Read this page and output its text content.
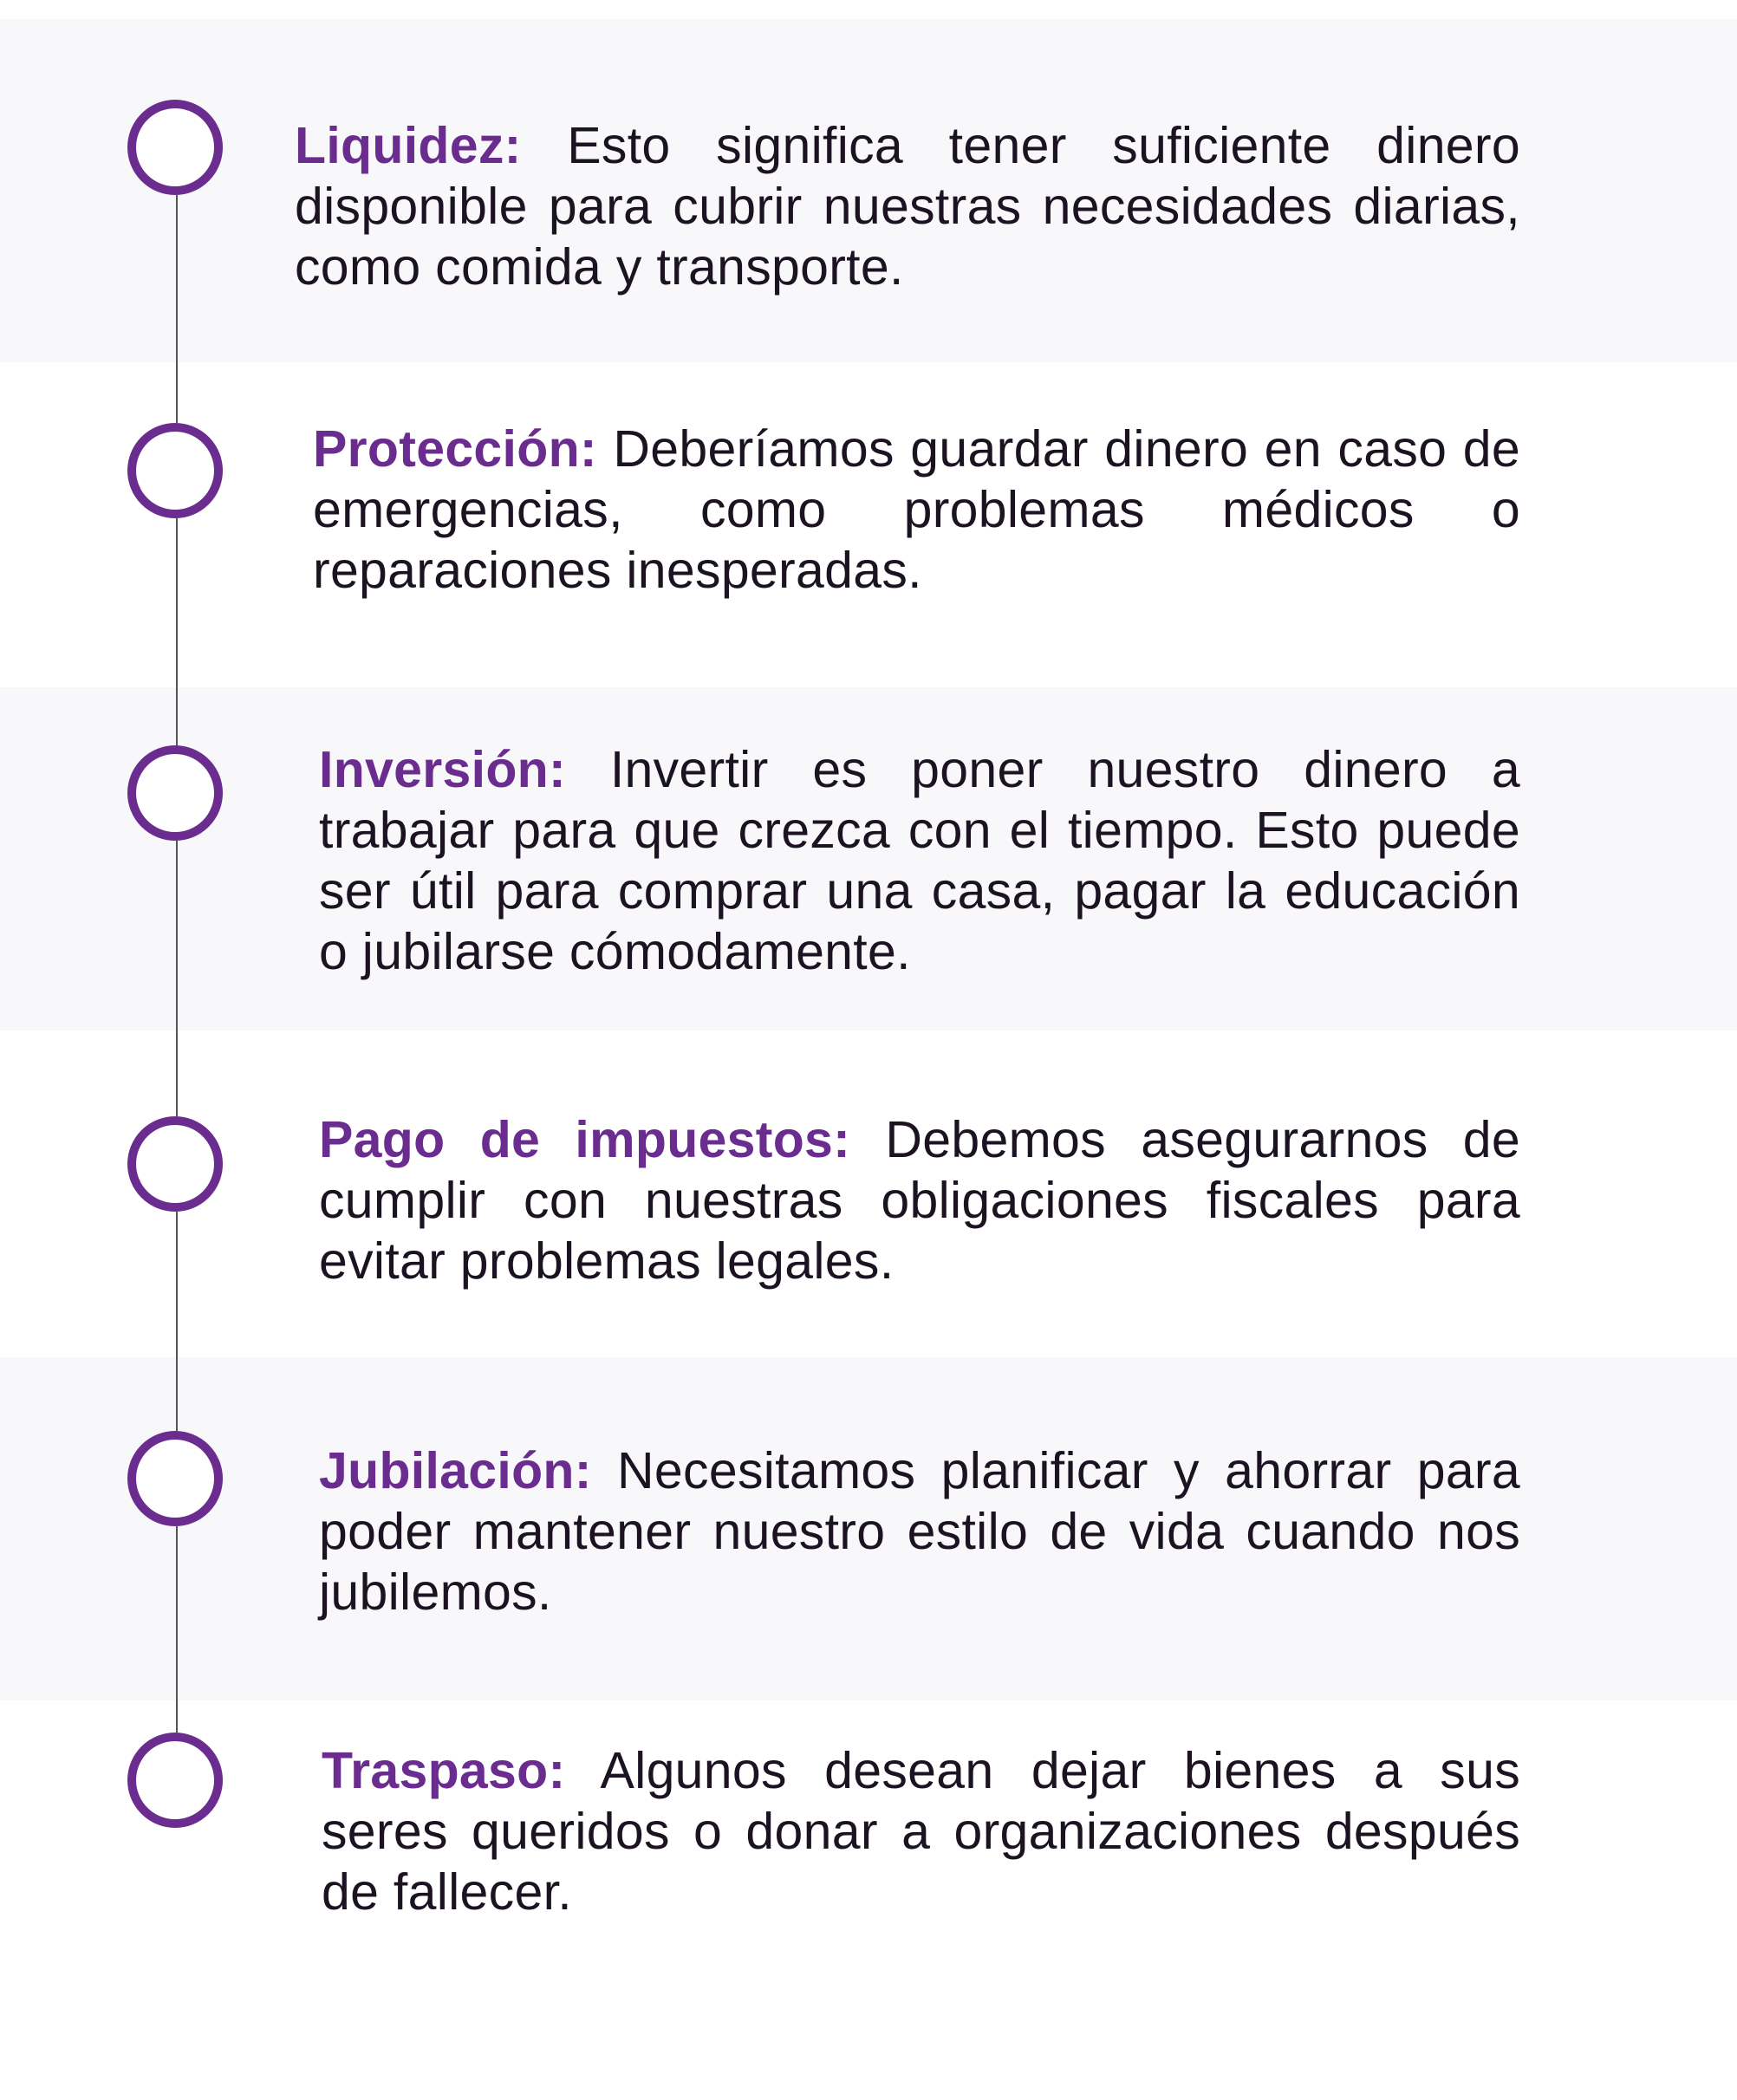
Liquidez: Esto significa tener suficiente dinero disponible para cubrir nuestras necesidades diarias, como comida y transporte.
Protección: Deberíamos guardar dinero en caso de emergencias, como problemas médicos o reparaciones inesperadas.
Inversión: Invertir es poner nuestro dinero a trabajar para que crezca con el tiempo. Esto puede ser útil para comprar una casa, pagar la educación o jubilarse cómodamente.
Pago de impuestos: Debemos asegurarnos de cumplir con nuestras obligaciones fiscales para evitar problemas legales.
Jubilación: Necesitamos planificar y ahorrar para poder mantener nuestro estilo de vida cuando nos jubilemos.
Traspaso: Algunos desean dejar bienes a sus seres queridos o donar a organizaciones después de fallecer.
